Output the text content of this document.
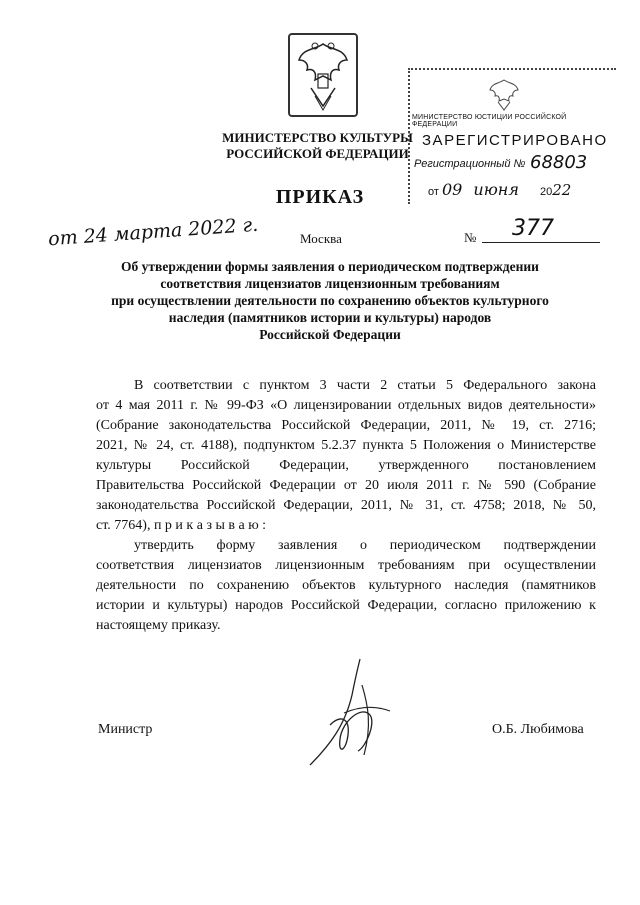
МИНИСТЕРСТВО КУЛЬТУРЫ
РОССИЙСКОЙ ФЕДЕРАЦИИ
МИНИСТЕРСТВО ЮСТИЦИИ РОССИЙСКОЙ ФЕДЕРАЦИИ
ЗАРЕГИСТРИРОВАНО
Регистрационный № 68803
от 09 июня 2022
ПРИКАЗ
от 24 марта 2022 г.	Москва	№ 377
Об утверждении формы заявления о периодическом подтверждении
соответствия лицензиатов лицензионным требованиям
при осуществлении деятельности по сохранению объектов культурного
наследия (памятников истории и культуры) народов
Российской Федерации
В соответствии с пунктом 3 части 2 статьи 5 Федерального закона
от 4 мая 2011 г. № 99-ФЗ «О лицензировании отдельных видов деятельности»
(Собрание законодательства Российской Федерации, 2011, № 19, ст. 2716;
2021, № 24, ст. 4188), подпунктом 5.2.37 пункта 5 Положения о Министерстве
культуры Российской Федерации, утвержденного постановлением
Правительства Российской Федерации от 20 июля 2011 г. № 590 (Собрание
законодательства Российской Федерации, 2011, № 31, ст. 4758; 2018, № 50,
ст. 7764), п р и к а з ы в а ю :
утвердить форму заявления о периодическом подтверждении
соответствия лицензиатов лицензионным требованиям при осуществлении
деятельности по сохранению объектов культурного наследия (памятников
истории и культуры) народов Российской Федерации, согласно приложению к
настоящему приказу.
Министр	О.Б. Любимова
